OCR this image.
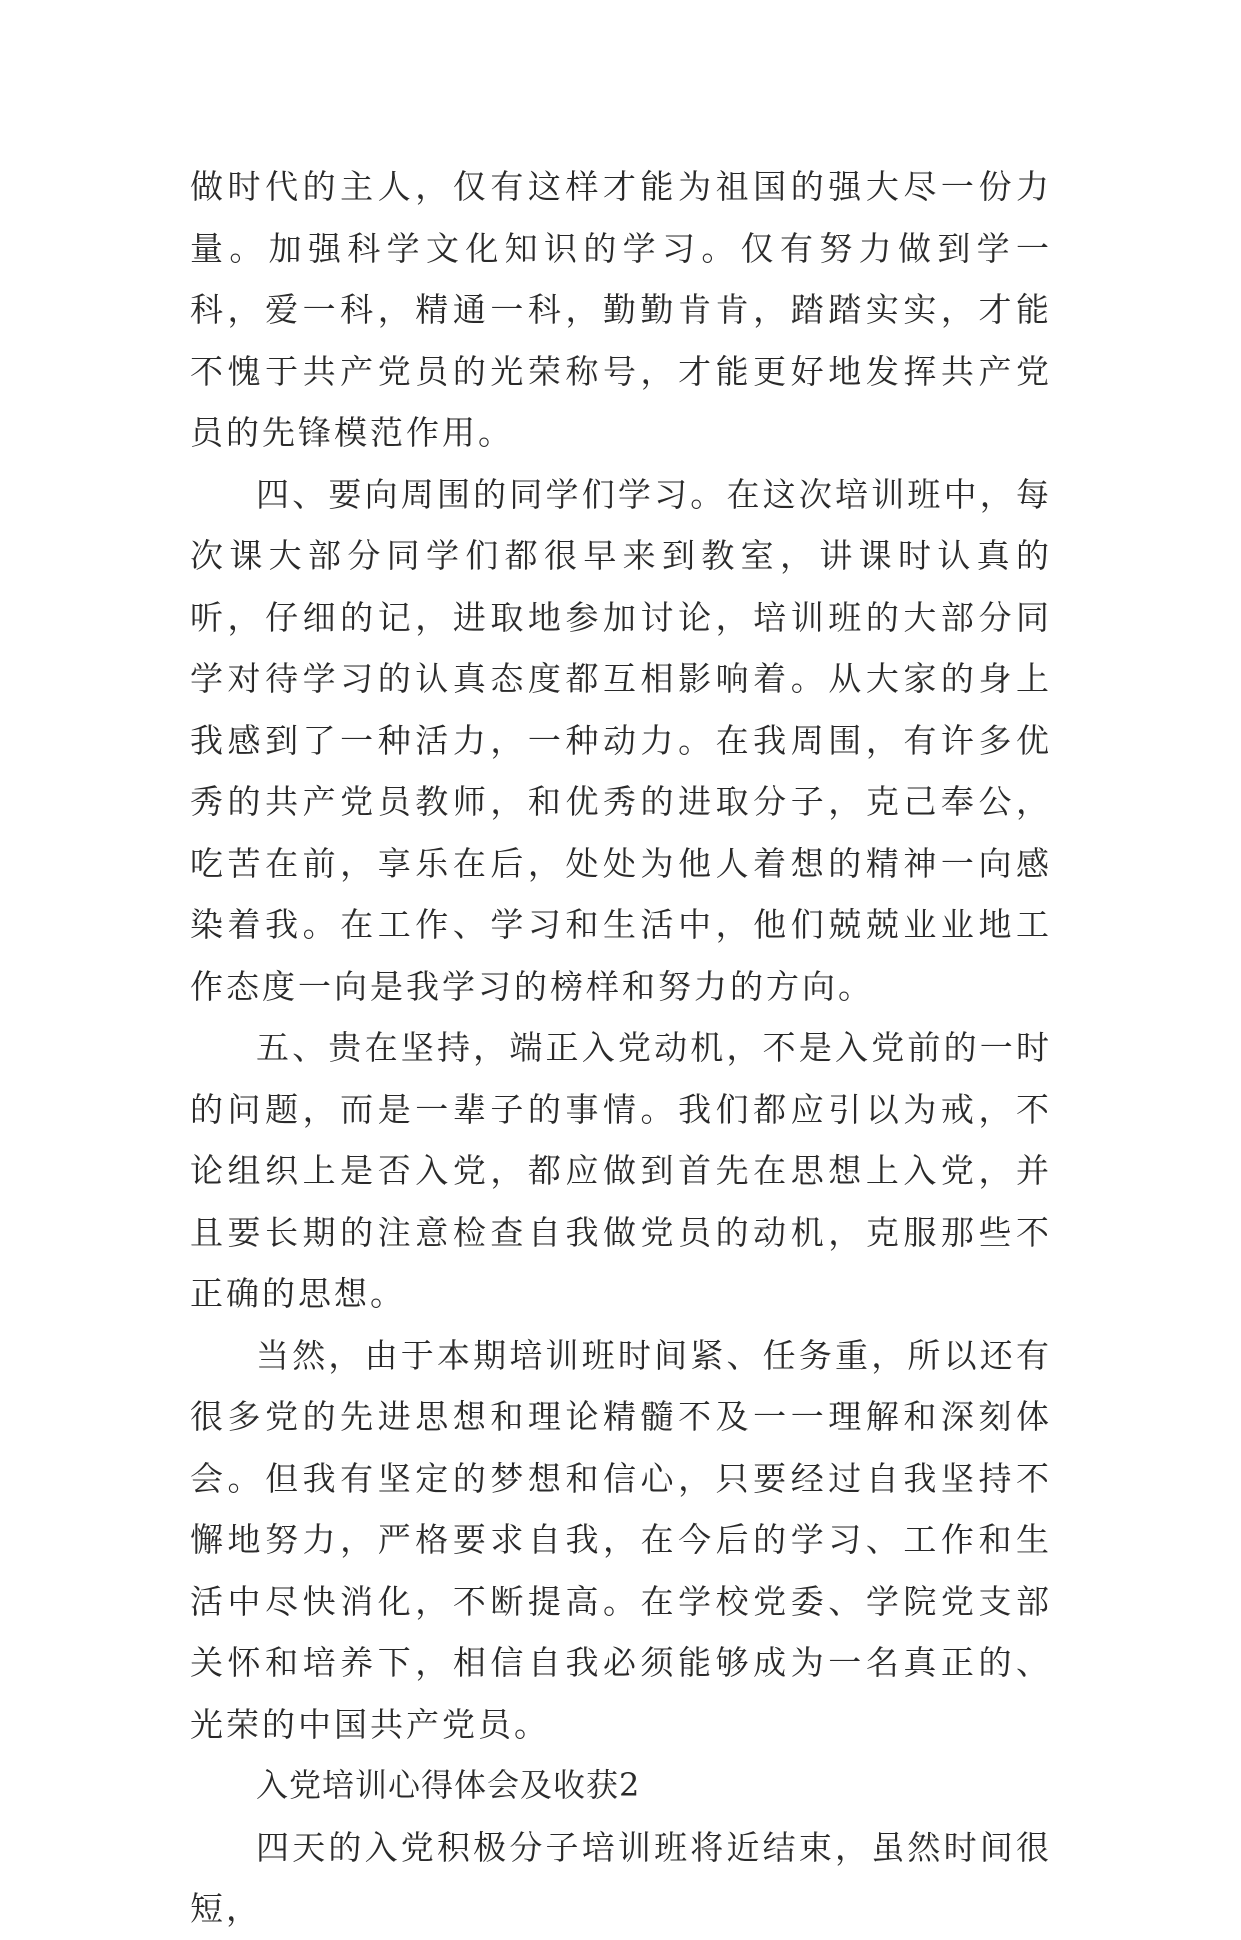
做时代的主人，仅有这样才能为祖国的强大尽一份力量。加强科学文化知识的学习。仅有努力做到学一科，爱一科，精通一科，勤勤肯肯，踏踏实实，才能不愧于共产党员的光荣称号，才能更好地发挥共产党员的先锋模范作用。

四、要向周围的同学们学习。在这次培训班中，每次课大部分同学们都很早来到教室，讲课时认真的听，仔细的记，进取地参加讨论，培训班的大部分同学对待学习的认真态度都互相影响着。从大家的身上我感到了一种活力，一种动力。在我周围，有许多优秀的共产党员教师，和优秀的进取分子，克己奉公，吃苦在前，享乐在后，处处为他人着想的精神一向感染着我。在工作、学习和生活中，他们兢兢业业地工作态度一向是我学习的榜样和努力的方向。

五、贵在坚持，端正入党动机，不是入党前的一时的问题，而是一辈子的事情。我们都应引以为戒，不论组织上是否入党，都应做到首先在思想上入党，并且要长期的注意检查自我做党员的动机，克服那些不正确的思想。

当然，由于本期培训班时间紧、任务重，所以还有很多党的先进思想和理论精髓不及一一理解和深刻体会。但我有坚定的梦想和信心，只要经过自我坚持不懈地努力，严格要求自我，在今后的学习、工作和生活中尽快消化，不断提高。在学校党委、学院党支部关怀和培养下，相信自我必须能够成为一名真正的、光荣的中国共产党员。

入党培训心得体会及收获2

四天的入党积极分子培训班将近结束，虽然时间很短，
